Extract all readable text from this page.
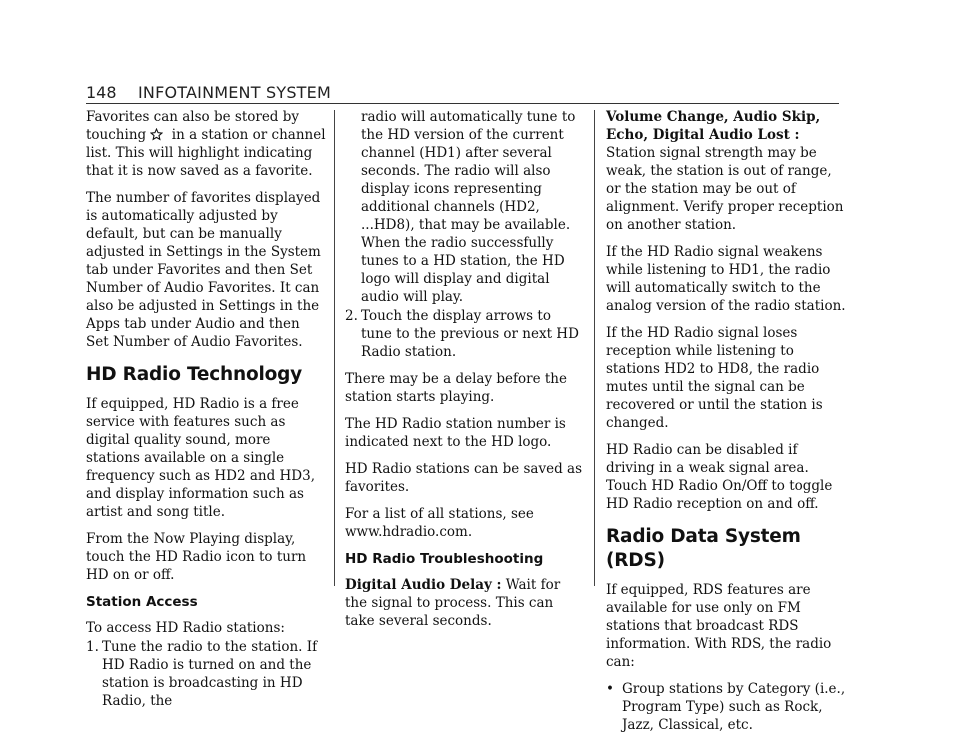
148 INFOTAINMENT SYSTEM

Favorites can also be stored by touching in a station or channel list. This will highlight indicating that it is now saved as a favorite.

The number of favorites displayed is automatically adjusted by default, but can be manually adjusted in Settings in the System tab under Favorites and then Set Number of Audio Favorites. It can also be adjusted in Settings in the Apps tab under Audio and then Set Number of Audio Favorites.

HD Radio Technology

If equipped, HD Radio is a free service with features such as digital quality sound, more stations available on a single frequency such as HD2 and HD3, and display information such as artist and song title.

From the Now Playing display, touch the HD Radio icon to turn HD on or off.

Station Access

To access HD Radio stations:

1. Tune the radio to the station. If HD Radio is turned on and the station is broadcasting in HD Radio, the

radio will automatically tune to the HD version of the current channel (HD1) after several seconds. The radio will also display icons representing additional channels (HD2, ...HD8), that may be available. When the radio successfully tunes to a HD station, the HD logo will display and digital audio will play.

2. Touch the display arrows to tune to the previous or next HD Radio station.

There may be a delay before the station starts playing.

The HD Radio station number is indicated next to the HD logo.

HD Radio stations can be saved as favorites.

For a list of all stations, see www.hdradio.com.

HD Radio Troubleshooting

Digital Audio Delay : Wait for the signal to process. This can take several seconds.

Volume Change, Audio Skip, Echo, Digital Audio Lost : Station signal strength may be weak, the station is out of range, or the station may be out of alignment. Verify proper reception on another station.

If the HD Radio signal weakens while listening to HD1, the radio will automatically switch to the analog version of the radio station.

If the HD Radio signal loses reception while listening to stations HD2 to HD8, the radio mutes until the signal can be recovered or until the station is changed.

HD Radio can be disabled if driving in a weak signal area. Touch HD Radio On/Off to toggle HD Radio reception on and off.

Radio Data System (RDS)

If equipped, RDS features are available for use only on FM stations that broadcast RDS information. With RDS, the radio can:

• Group stations by Category (i.e., Program Type) such as Rock, Jazz, Classical, etc.
